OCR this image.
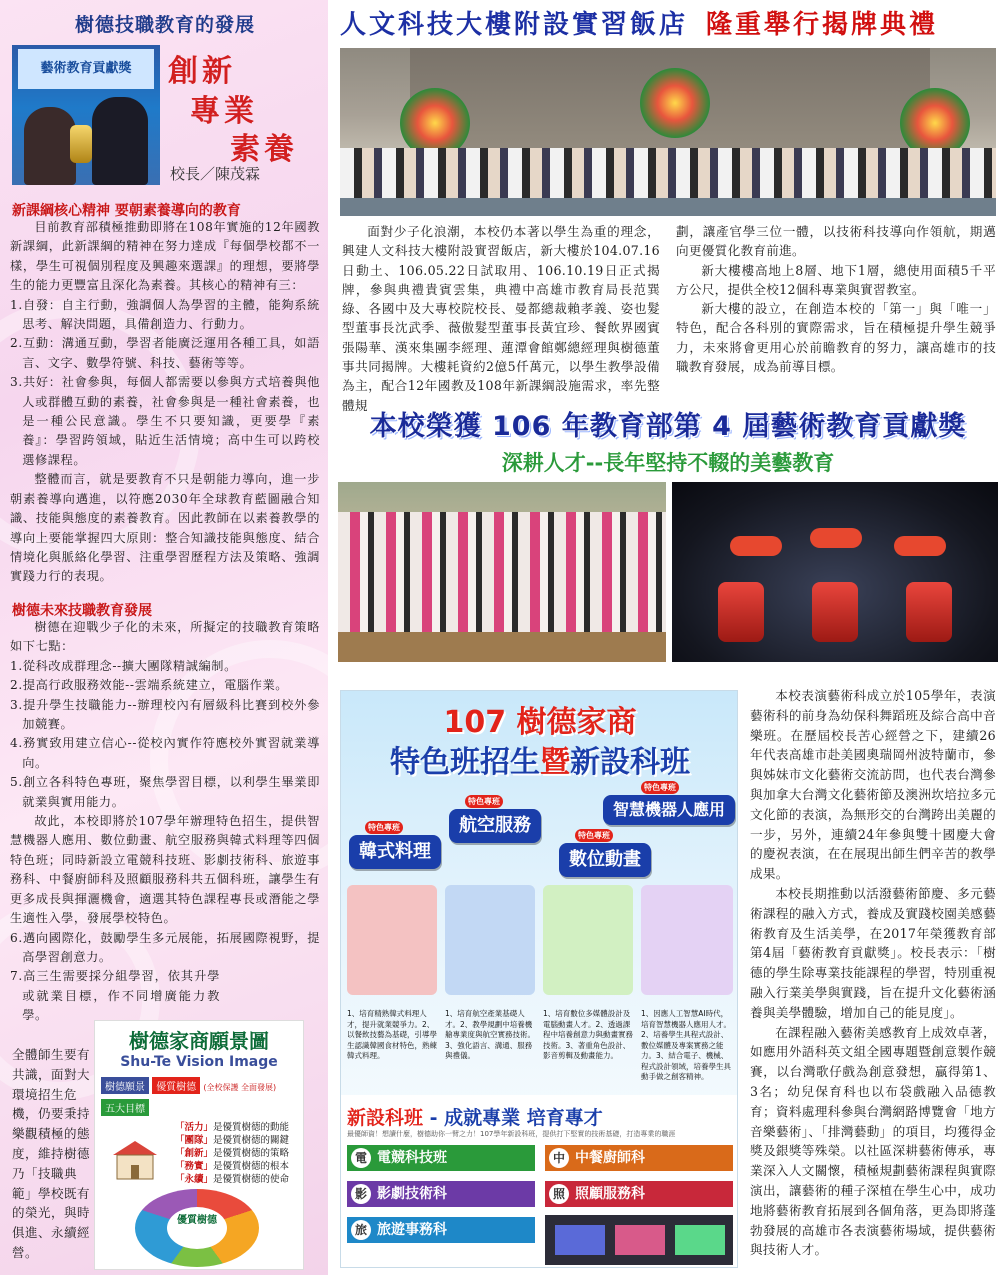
樹德技職教育的發展
藝術教育貢獻獎	創新
專業
素養
校長／陳茂霖
新課綱核心精神 要朝素養導向的教育

目前教育部積極推動即將在108年實施的12年國教新課綱，此新課綱的精神在努力達成『每個學校都不一樣，學生可視個別程度及興趣來選課』的理想，要將學生的能力更豐富且深化為素養。其核心的精神有三：

1.自發：自主行動，強調個人為學習的主體，能夠系統思考、解決問題，具備創造力、行動力。

2.互動：溝通互動，學習者能廣泛運用各種工具，如語言、文字、數學符號、科技、藝術等等。

3.共好：社會參與，每個人都需要以參與方式培養與他人或群體互動的素養，社會參與是一種社會素養，也是一種公民意識。學生不只要知識，更要學『素養』：學習跨領域，貼近生活情境；高中生可以跨校選修課程。

整體而言，就是要教育不只是朝能力導向，進一步朝素養導向邁進，以符應2030年全球教育藍圖融合知識、技能與態度的素養教育。因此教師在以素養教學的導向上要能掌握四大原則：整合知識技能與態度、結合情境化與脈絡化學習、注重學習歷程方法及策略、強調實踐力行的表現。

樹德未來技職教育發展

樹德在迎戰少子化的未來，所擬定的技職教育策略如下七點：

1.從科改成群理念--擴大團隊精誠編制。

2.提高行政服務效能--雲端系統建立，電腦作業。

3.提升學生技職能力--辦理校內有層級科比賽到校外參加競賽。

4.務實致用建立信心--從校內實作符應校外實習就業導向。

5.創立各科特色專班，聚焦學習目標，以利學生畢業即就業與實用能力。

故此，本校即將於107學年辦理特色招生，提供智慧機器人應用、數位動畫、航空服務與韓式料理等四個特色班；同時新設立電競科技班、影劇技術科、旅遊事務科、中餐廚師科及照顧服務科共五個科班，讓學生有更多成長與揮灑機會，適選其特色課程專長或潛能之學生適性入學，發展學校特色。

6.邁向國際化，鼓勵學生多元展能，拓展國際視野，提高學習創意力。

7.高三生需要採分組學習，依其升學或就業目標，作不同增廣能力教學。

全體師生要有共識，面對大環境招生危機，仍要秉持樂觀積極的態度，維持樹德乃「技職典範」學校既有的榮光，與時俱進、永續經營。
樹德家商願景圖
Shu-Te Vision Image
樹德願景 優質樹德 (全校保護 全面發展)
五大目標
「活力」是優質樹德的動能
「團隊」是優質樹德的關鍵
「創新」是優質樹德的策略
「務實」是優質樹德的根本
「永續」是優質樹德的使命
優質樹德
人文科技大樓附設實習飯店 隆重舉行揭牌典禮

面對少子化浪潮，本校仍本著以學生為重的理念，興建人文科技大樓附設實習飯店，新大樓於104.07.16日動土、106.05.22日試取用、106.10.19日正式揭牌，參與典禮貴賓雲集，典禮中高雄市教育局長范巽綠、各國中及大專校院校長、曼都總裁賴孝義、姿也髮型董事長沈武季、薇傲髮型董事長黃宜珍、餐飲界國賓張陽華、漢來集團李經理、蓮潭會館鄭總經理與樹德董事共同揭牌。大樓耗資約2億5仟萬元，以學生教學設備為主，配合12年國教及108年新課綱設施需求，率先整體規

劃，讓產官學三位一體，以技術科技導向作領航，期邁向更優質化教育前進。

新大樓樓高地上8層、地下1層，總使用面積5千平方公尺，提供全校12個科專業與實習教室。

新大樓的設立，在創造本校的「第一」與「唯一」特色，配合各科別的實際需求，旨在積極提升學生競爭力，未來將會更用心於前瞻教育的努力，讓高雄市的技職教育發展，成為前導目標。

本校榮獲 106 年教育部第 4 屆藝術教育貢獻獎
深耕人才--長年堅持不輟的美藝教育
107 樹德家商
特色班招生暨新設科班
韓式料理
特色專班	航空服務
特色專班
數位動畫
特色專班
智慧機器人應用
特色專班
1、培育精熟韓式料理人才，提升就業競爭力。2、以餐飲技藝為基礎，引導學生認識韓國食材特色，熟練韓式料理。
1、培育航空產業基礎人才。2、教學規劃中培養機艙專業度與航空實務技術。3、強化語言、溝通、服務與禮儀。
1、培育數位多媒體設計及電腦動畫人才。2、透過課程中培養創意力與動畫實務技術。3、著重角色設計、影音剪輯及動畫能力。
1、因應人工智慧AI時代，培育智慧機器人應用人才。2、培養學生具程式設計、數位媒體及專案實務之能力。3、結合電子、機械、程式設計領域，培養學生具動手做之創客精神。
新設科班 - 成就專業 培育專才
最優師資！想讀什麼，樹德助你一臂之力！107學年新設科班，提供打下堅實的技術基礎，打造專業的職涯
電 電競科技班	中 中餐廚師科
影 影劇技術科	照 照顧服務科
旅 旅遊事務科

本校表演藝術科成立於105學年，表演藝術科的前身為幼保科舞蹈班及綜合高中音樂班。在歷屆校長苦心經營之下，建續26年代表高雄市赴美國奧瑞岡州波特蘭市，參與姊妹市文化藝術交流訪問，也代表台灣參與加拿大台灣文化藝術節及澳洲坎培拉多元文化節的表演，為無形交的台灣跨出美麗的一步，另外，連續24年參與雙十國慶大會的慶祝表演，在在展現出師生們辛苦的教學成果。

本校長期推動以活潑藝術節慶、多元藝術課程的融入方式，養成及實踐校園美感藝術教育及生活美學，在2017年榮獲教育部第4屆「藝術教育貢獻獎」。校長表示：「樹德的學生除專業技能課程的學習，特別重視融入行業美學與實踐，旨在提升文化藝術涵養與美學體驗，增加自己的能見度」。

在課程融入藝術美感教育上成效卓著，如應用外語科英文組全國專題暨創意製作競賽，以台灣歌仔戲為創意發想，贏得第1、3名；幼兒保育科也以布袋戲融入品德教育；資料處理科參與台灣網路博覽會「地方音樂藝術」、「排灣藝動」的項目，均獲得金獎及銀獎等殊榮。以社區深耕藝術傳承，專業深入人文關懷，積極規劃藝術課程與實際演出，讓藝術的種子深植在學生心中，成功地將藝術教育拓展到各個角落，更為即將蓬勃發展的高雄市各表演藝術場域，提供藝術與技術人才。
